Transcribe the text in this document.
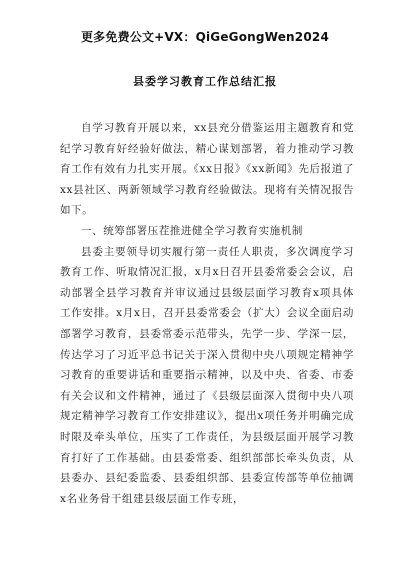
更多免费公文+VX：QiGeGongWen2024
县委学习教育工作总结汇报

自学习教育开展以来，xx县充分借鉴运用主题教育和党纪学习教育好经验好做法，精心谋划部署，着力推动学习教育工作有效有力扎实开展。《xx日报》《xx新闻》先后报道了xx县社区、两新领域学习教育经验做法。现将有关情况报告如下。

一、统筹部署压茬推进健全学习教育实施机制

县委主要领导切实履行第一责任人职责，多次调度学习教育工作、听取情况汇报，x月x日召开县委常委会会议，启动部署全县学习教育并审议通过县级层面学习教育x项具体工作安排。x月x日，召开县委常委会（扩大）会议全面启动部署学习教育，县委常委示范带头，先学一步、学深一层，传达学习了习近平总书记关于深入贯彻中央八项规定精神学习教育的重要讲话和重要指示精神，以及中央、省委、市委有关会议和文件精神，通过了《县级层面深入贯彻中央八项规定精神学习教育工作安排建议》，提出x项任务并明确完成时限及牵头单位，压实了工作责任，为县级层面开展学习教育打好了工作基础。由县委常委、组织部部长牵头负责，从县委办、县纪委监委、县委组织部、县委宣传部等单位抽调x名业务骨干组建县级层面工作专班，
